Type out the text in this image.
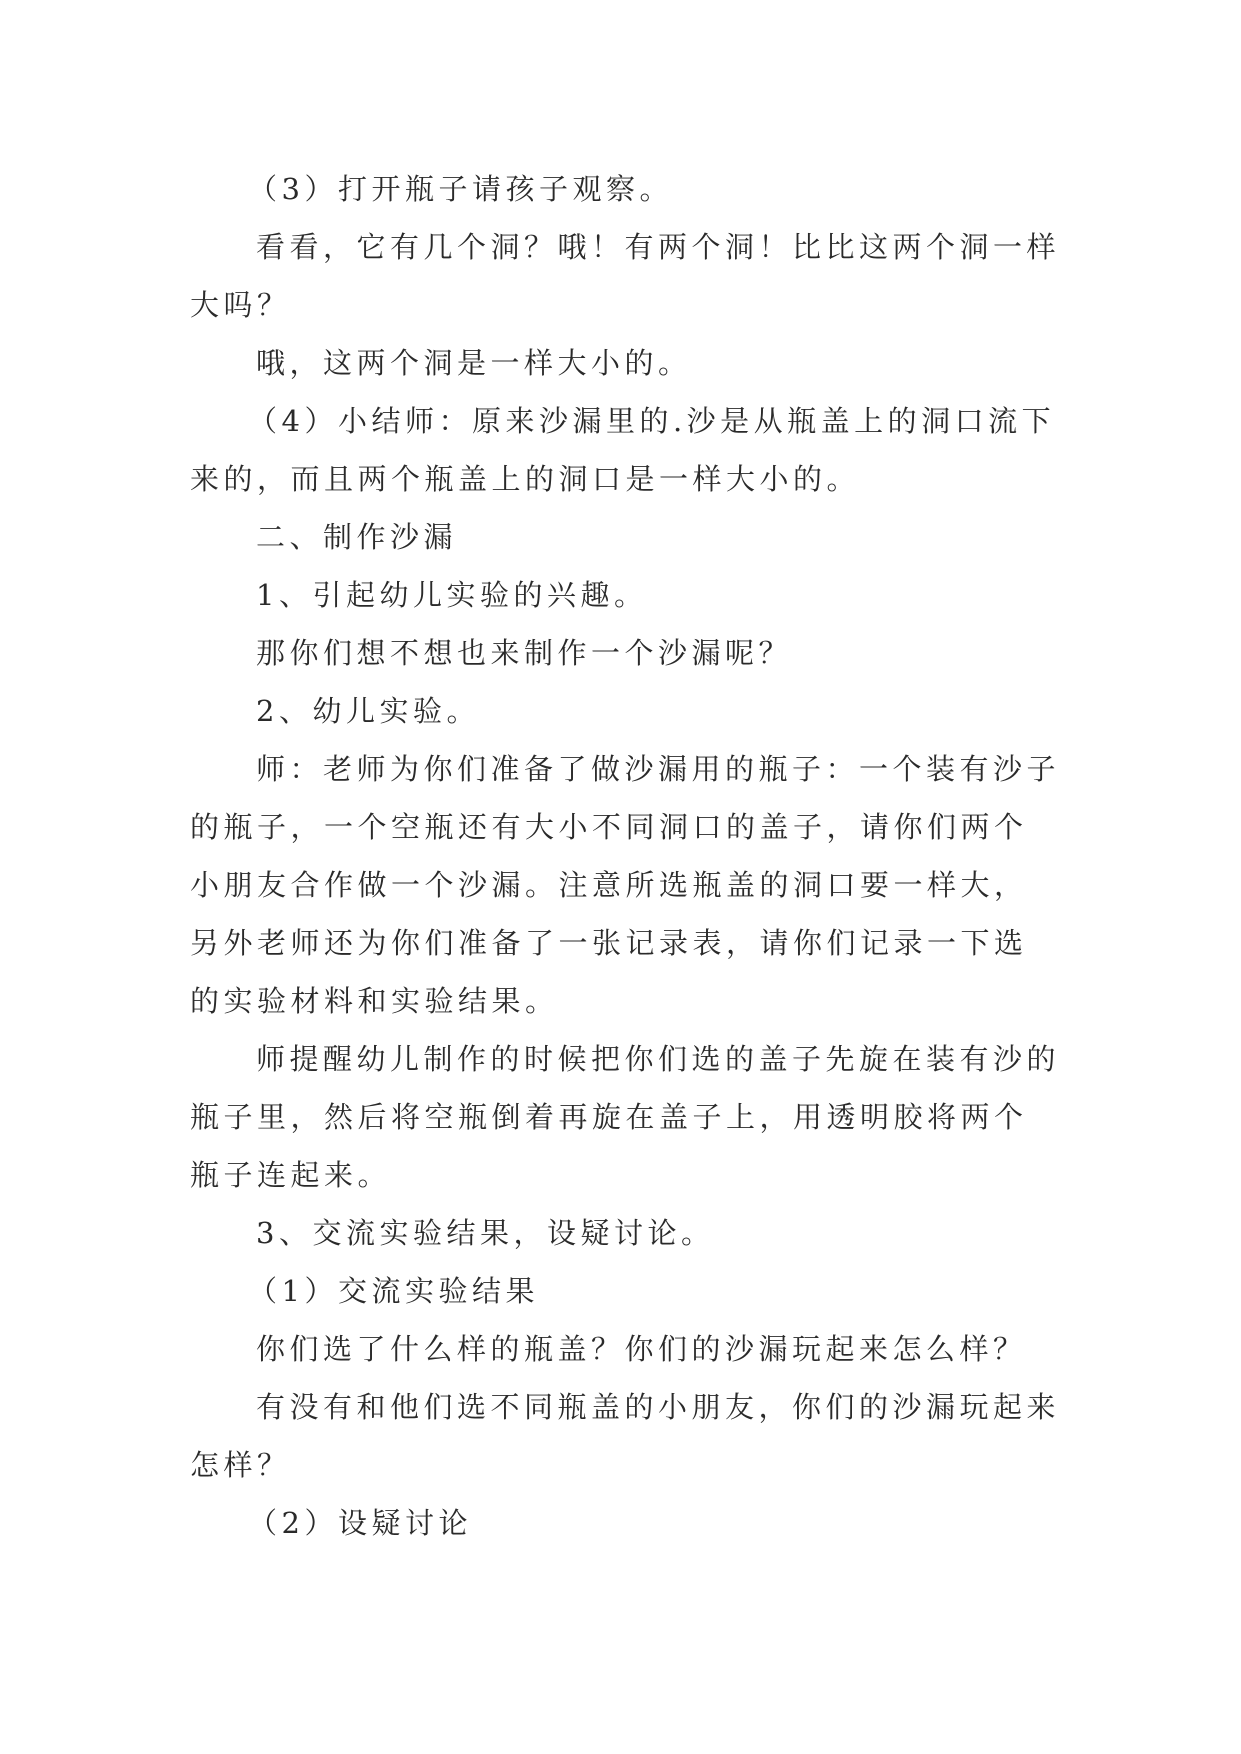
（3）打开瓶子请孩子观察。

看看，它有几个洞？哦！有两个洞！比比这两个洞一样大吗？

哦，这两个洞是一样大小的。

（4）小结师：原来沙漏里的.沙是从瓶盖上的洞口流下来的，而且两个瓶盖上的洞口是一样大小的。

二、制作沙漏

1、引起幼儿实验的兴趣。

那你们想不想也来制作一个沙漏呢？

2、幼儿实验。

师：老师为你们准备了做沙漏用的瓶子：一个装有沙子的瓶子，一个空瓶还有大小不同洞口的盖子，请你们两个小朋友合作做一个沙漏。注意所选瓶盖的洞口要一样大，另外老师还为你们准备了一张记录表，请你们记录一下选的实验材料和实验结果。

师提醒幼儿制作的时候把你们选的盖子先旋在装有沙的瓶子里，然后将空瓶倒着再旋在盖子上，用透明胶将两个瓶子连起来。

3、交流实验结果，设疑讨论。

（1）交流实验结果

你们选了什么样的瓶盖？你们的沙漏玩起来怎么样？

有没有和他们选不同瓶盖的小朋友，你们的沙漏玩起来怎样？

（2）设疑讨论
